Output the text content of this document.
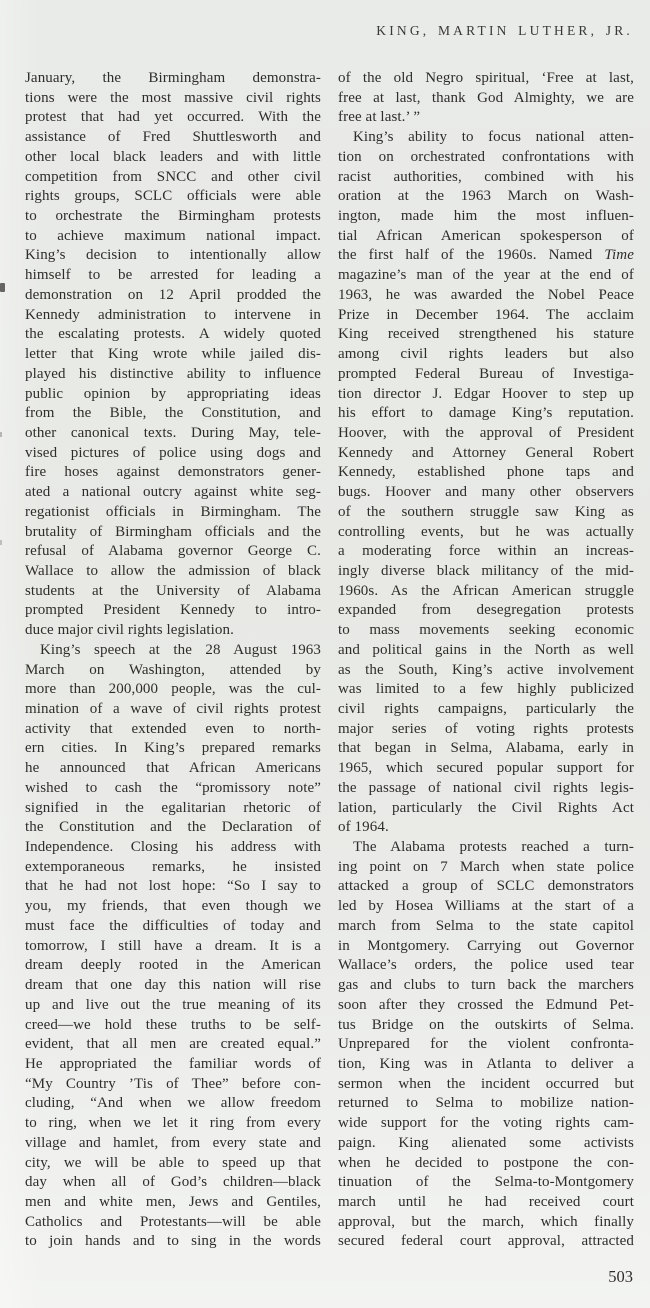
KING, MARTIN LUTHER, JR.
January, the Birmingham demonstra-
tions were the most massive civil rights
protest that had yet occurred. With the
assistance of Fred Shuttlesworth and
other local black leaders and with little
competition from SNCC and other civil
rights groups, SCLC officials were able
to orchestrate the Birmingham protests
to achieve maximum national impact.
King’s decision to intentionally allow
himself to be arrested for leading a
demonstration on 12 April prodded the
Kennedy administration to intervene in
the escalating protests. A widely quoted
letter that King wrote while jailed dis-
played his distinctive ability to influence
public opinion by appropriating ideas
from the Bible, the Constitution, and
other canonical texts. During May, tele-
vised pictures of police using dogs and
fire hoses against demonstrators gener-
ated a national outcry against white seg-
regationist officials in Birmingham. The
brutality of Birmingham officials and the
refusal of Alabama governor George C.
Wallace to allow the admission of black
students at the University of Alabama
prompted President Kennedy to intro-
duce major civil rights legislation.
King’s speech at the 28 August 1963
March on Washington, attended by
more than 200,000 people, was the cul-
mination of a wave of civil rights protest
activity that extended even to north-
ern cities. In King’s prepared remarks
he announced that African Americans
wished to cash the “promissory note”
signified in the egalitarian rhetoric of
the Constitution and the Declaration of
Independence. Closing his address with
extemporaneous remarks, he insisted
that he had not lost hope: “So I say to
you, my friends, that even though we
must face the difficulties of today and
tomorrow, I still have a dream. It is a
dream deeply rooted in the American
dream that one day this nation will rise
up and live out the true meaning of its
creed—we hold these truths to be self-
evident, that all men are created equal.”
He appropriated the familiar words of
“My Country ’Tis of Thee” before con-
cluding, “And when we allow freedom
to ring, when we let it ring from every
village and hamlet, from every state and
city, we will be able to speed up that
day when all of God’s children—black
men and white men, Jews and Gentiles,
Catholics and Protestants—will be able
to join hands and to sing in the words
of the old Negro spiritual, ‘Free at last,
free at last, thank God Almighty, we are
free at last.’ ”
King’s ability to focus national atten-
tion on orchestrated confrontations with
racist authorities, combined with his
oration at the 1963 March on Wash-
ington, made him the most influen-
tial African American spokesperson of
the first half of the 1960s. Named Time
magazine’s man of the year at the end of
1963, he was awarded the Nobel Peace
Prize in December 1964. The acclaim
King received strengthened his stature
among civil rights leaders but also
prompted Federal Bureau of Investiga-
tion director J. Edgar Hoover to step up
his effort to damage King’s reputation.
Hoover, with the approval of President
Kennedy and Attorney General Robert
Kennedy, established phone taps and
bugs. Hoover and many other observers
of the southern struggle saw King as
controlling events, but he was actually
a moderating force within an increas-
ingly diverse black militancy of the mid-
1960s. As the African American struggle
expanded from desegregation protests
to mass movements seeking economic
and political gains in the North as well
as the South, King’s active involvement
was limited to a few highly publicized
civil rights campaigns, particularly the
major series of voting rights protests
that began in Selma, Alabama, early in
1965, which secured popular support for
the passage of national civil rights legis-
lation, particularly the Civil Rights Act
of 1964.
The Alabama protests reached a turn-
ing point on 7 March when state police
attacked a group of SCLC demonstrators
led by Hosea Williams at the start of a
march from Selma to the state capitol
in Montgomery. Carrying out Governor
Wallace’s orders, the police used tear
gas and clubs to turn back the marchers
soon after they crossed the Edmund Pet-
tus Bridge on the outskirts of Selma.
Unprepared for the violent confronta-
tion, King was in Atlanta to deliver a
sermon when the incident occurred but
returned to Selma to mobilize nation-
wide support for the voting rights cam-
paign. King alienated some activists
when he decided to postpone the con-
tinuation of the Selma-to-Montgomery
march until he had received court
approval, but the march, which finally
secured federal court approval, attracted
503
